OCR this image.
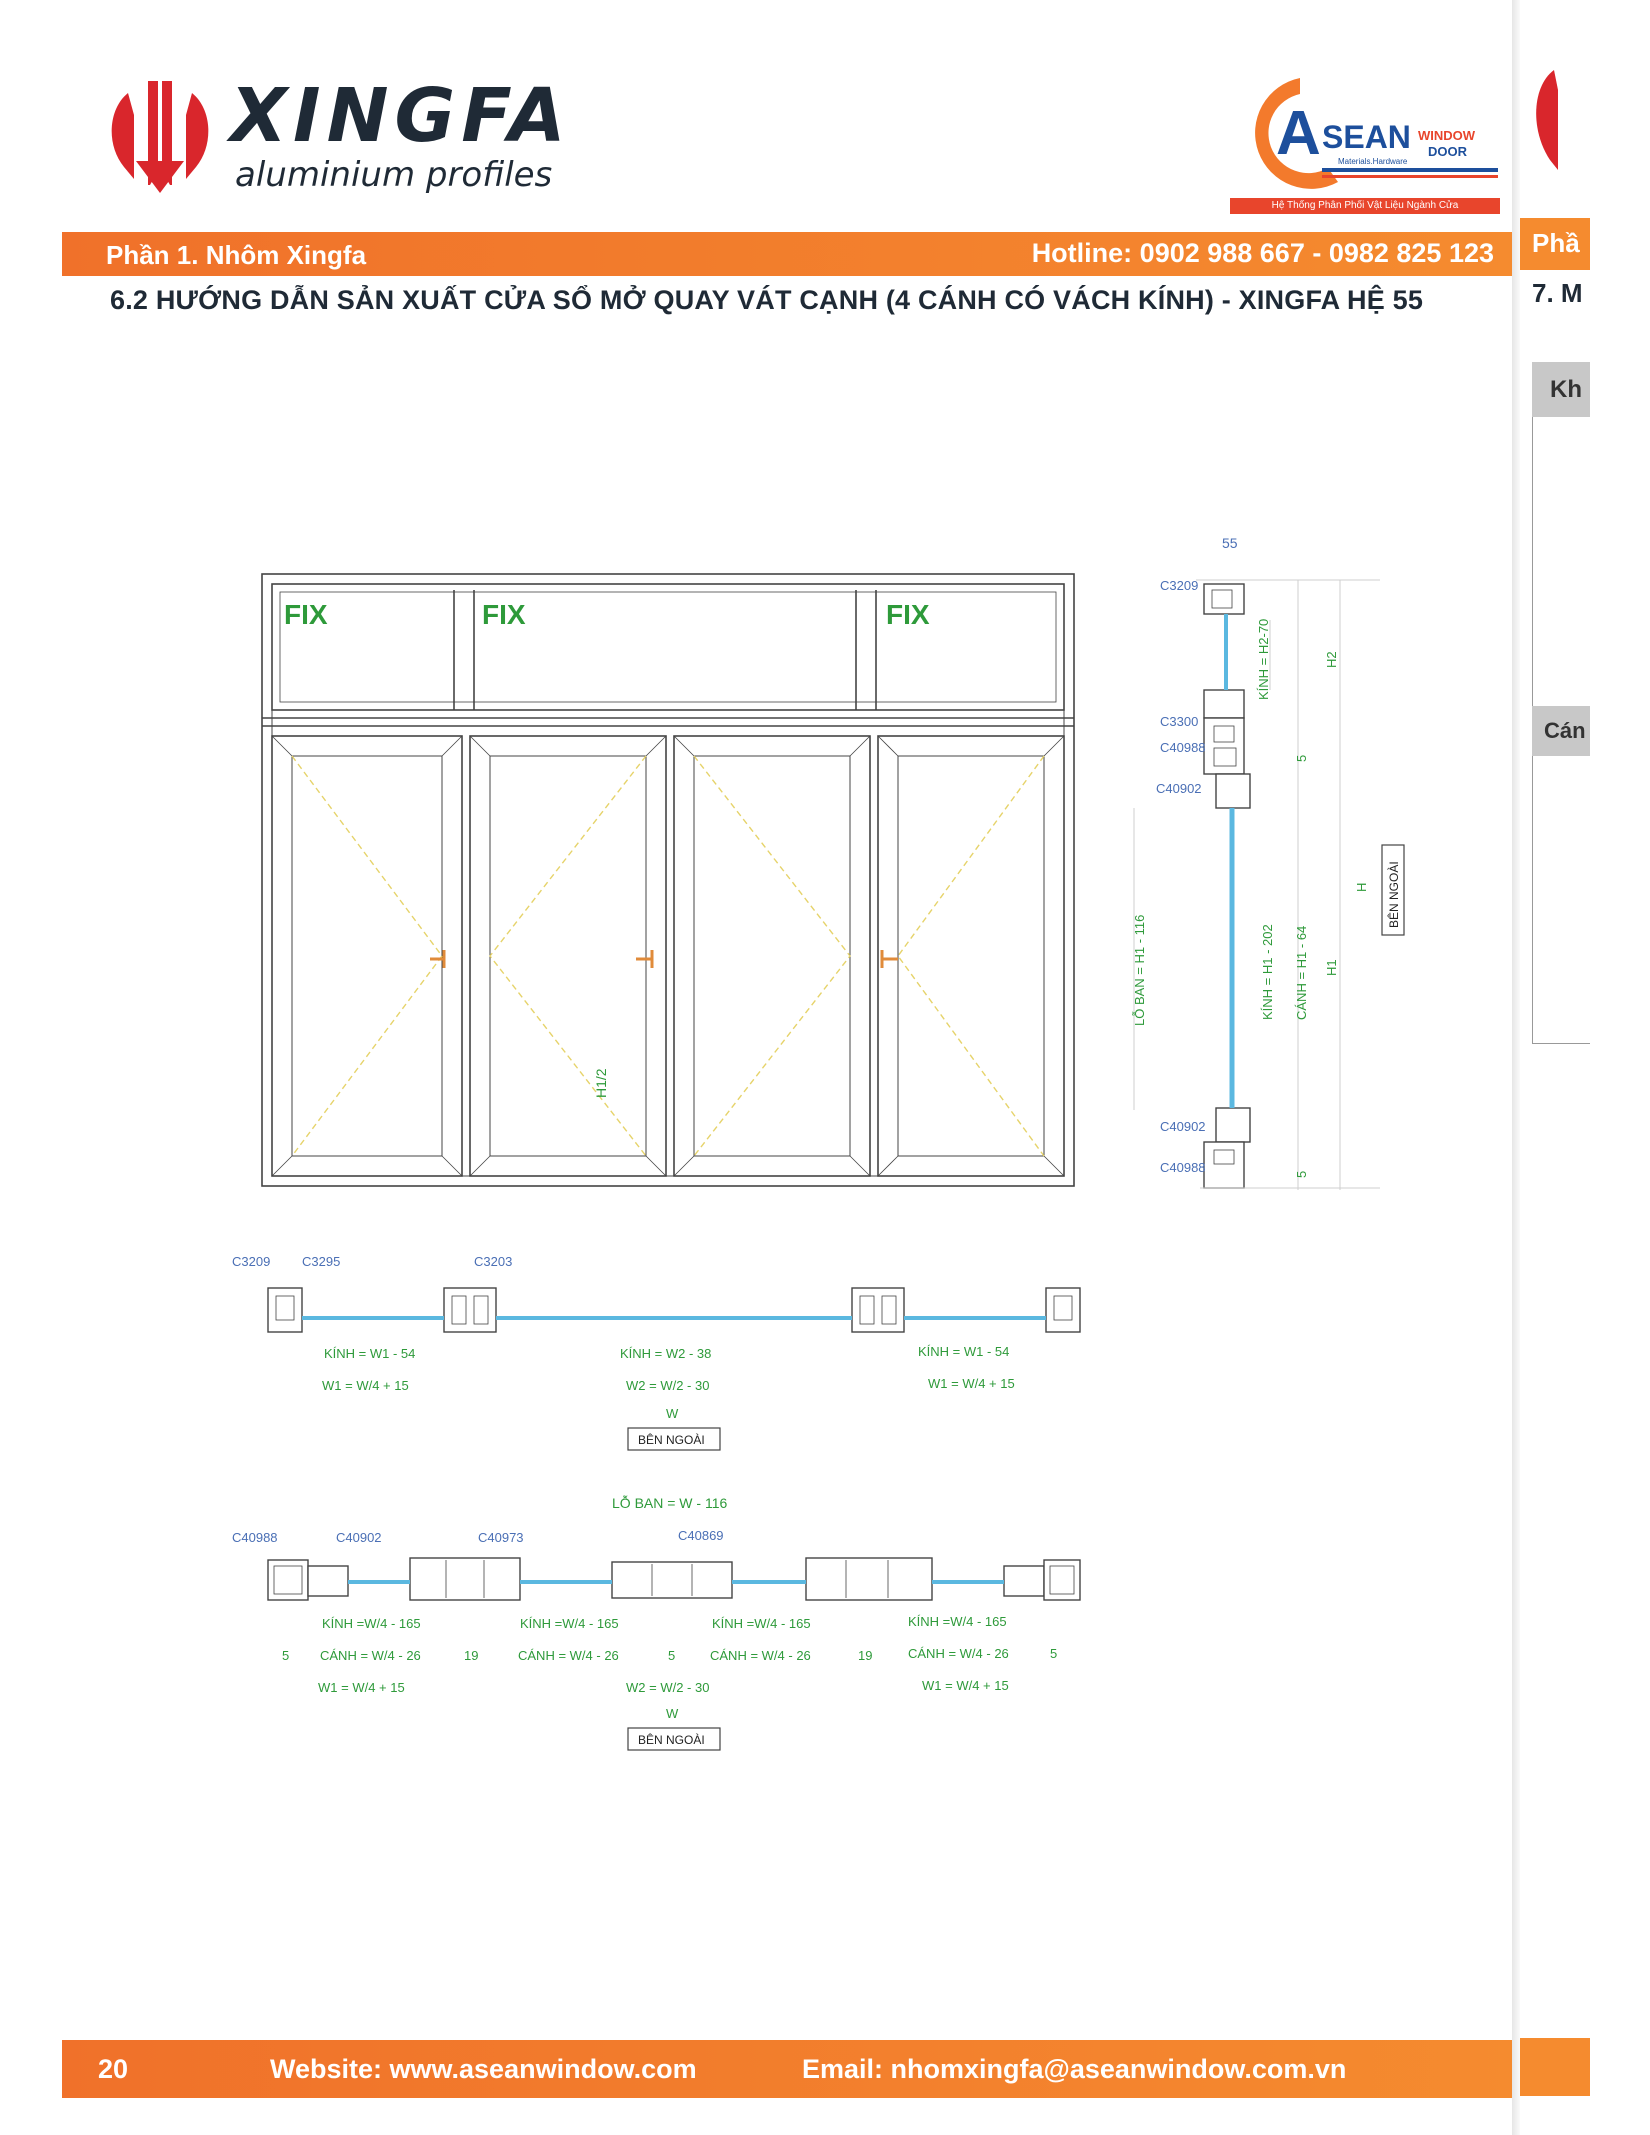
XINGFA
aluminium profiles
A SEAN WINDOW
DOOR
Materials.Hardware
Hệ Thống Phân Phối Vật Liệu Ngành Cửa
Phần 1. Nhôm Xingfa	Hotline: 0902 988 667 - 0982 825 123
6.2 HƯỚNG DẪN SẢN XUẤT CỬA SỔ MỞ QUAY VÁT CẠNH (4 CÁNH CÓ VÁCH KÍNH) - XINGFA HỆ 55
FIX	FIX	FIX
H1/2
55
C3209
KÍNH = H2-70	H2
C3300
C40988
5
C40902
H BÊN NGOÀI
LỖ BAN = H1 - 116	KÍNH = H1 - 202 CÁNH = H1 - 64 H1
C40902
C40988	5
C3209 C3295	C3203
KÍNH = W1 - 54
W1 = W/4 + 15
KÍNH = W2 - 38
W2 = W/2 - 30
W
KÍNH = W1 - 54
W1 = W/4 + 15
BÊN NGOÀI
LỖ BAN = W - 116
C40988	C40902	C40973	C40869
KÍNH =W/4 - 165	KÍNH =W/4 - 165	KÍNH =W/4 - 165	KÍNH =W/4 - 165
5 CÁNH = W/4 - 26	19	CÁNH = W/4 - 26	5	CÁNH = W/4 - 26	19	CÁNH = W/4 - 26	5
W1 = W/4 + 15	W2 = W/2 - 30	W1 = W/4 + 15
W
BÊN NGOÀI
20	Website: www.aseanwindow.com	Email: nhomxingfa@aseanwindow.com.vn
Phầ
7. M
Kh
Cán
